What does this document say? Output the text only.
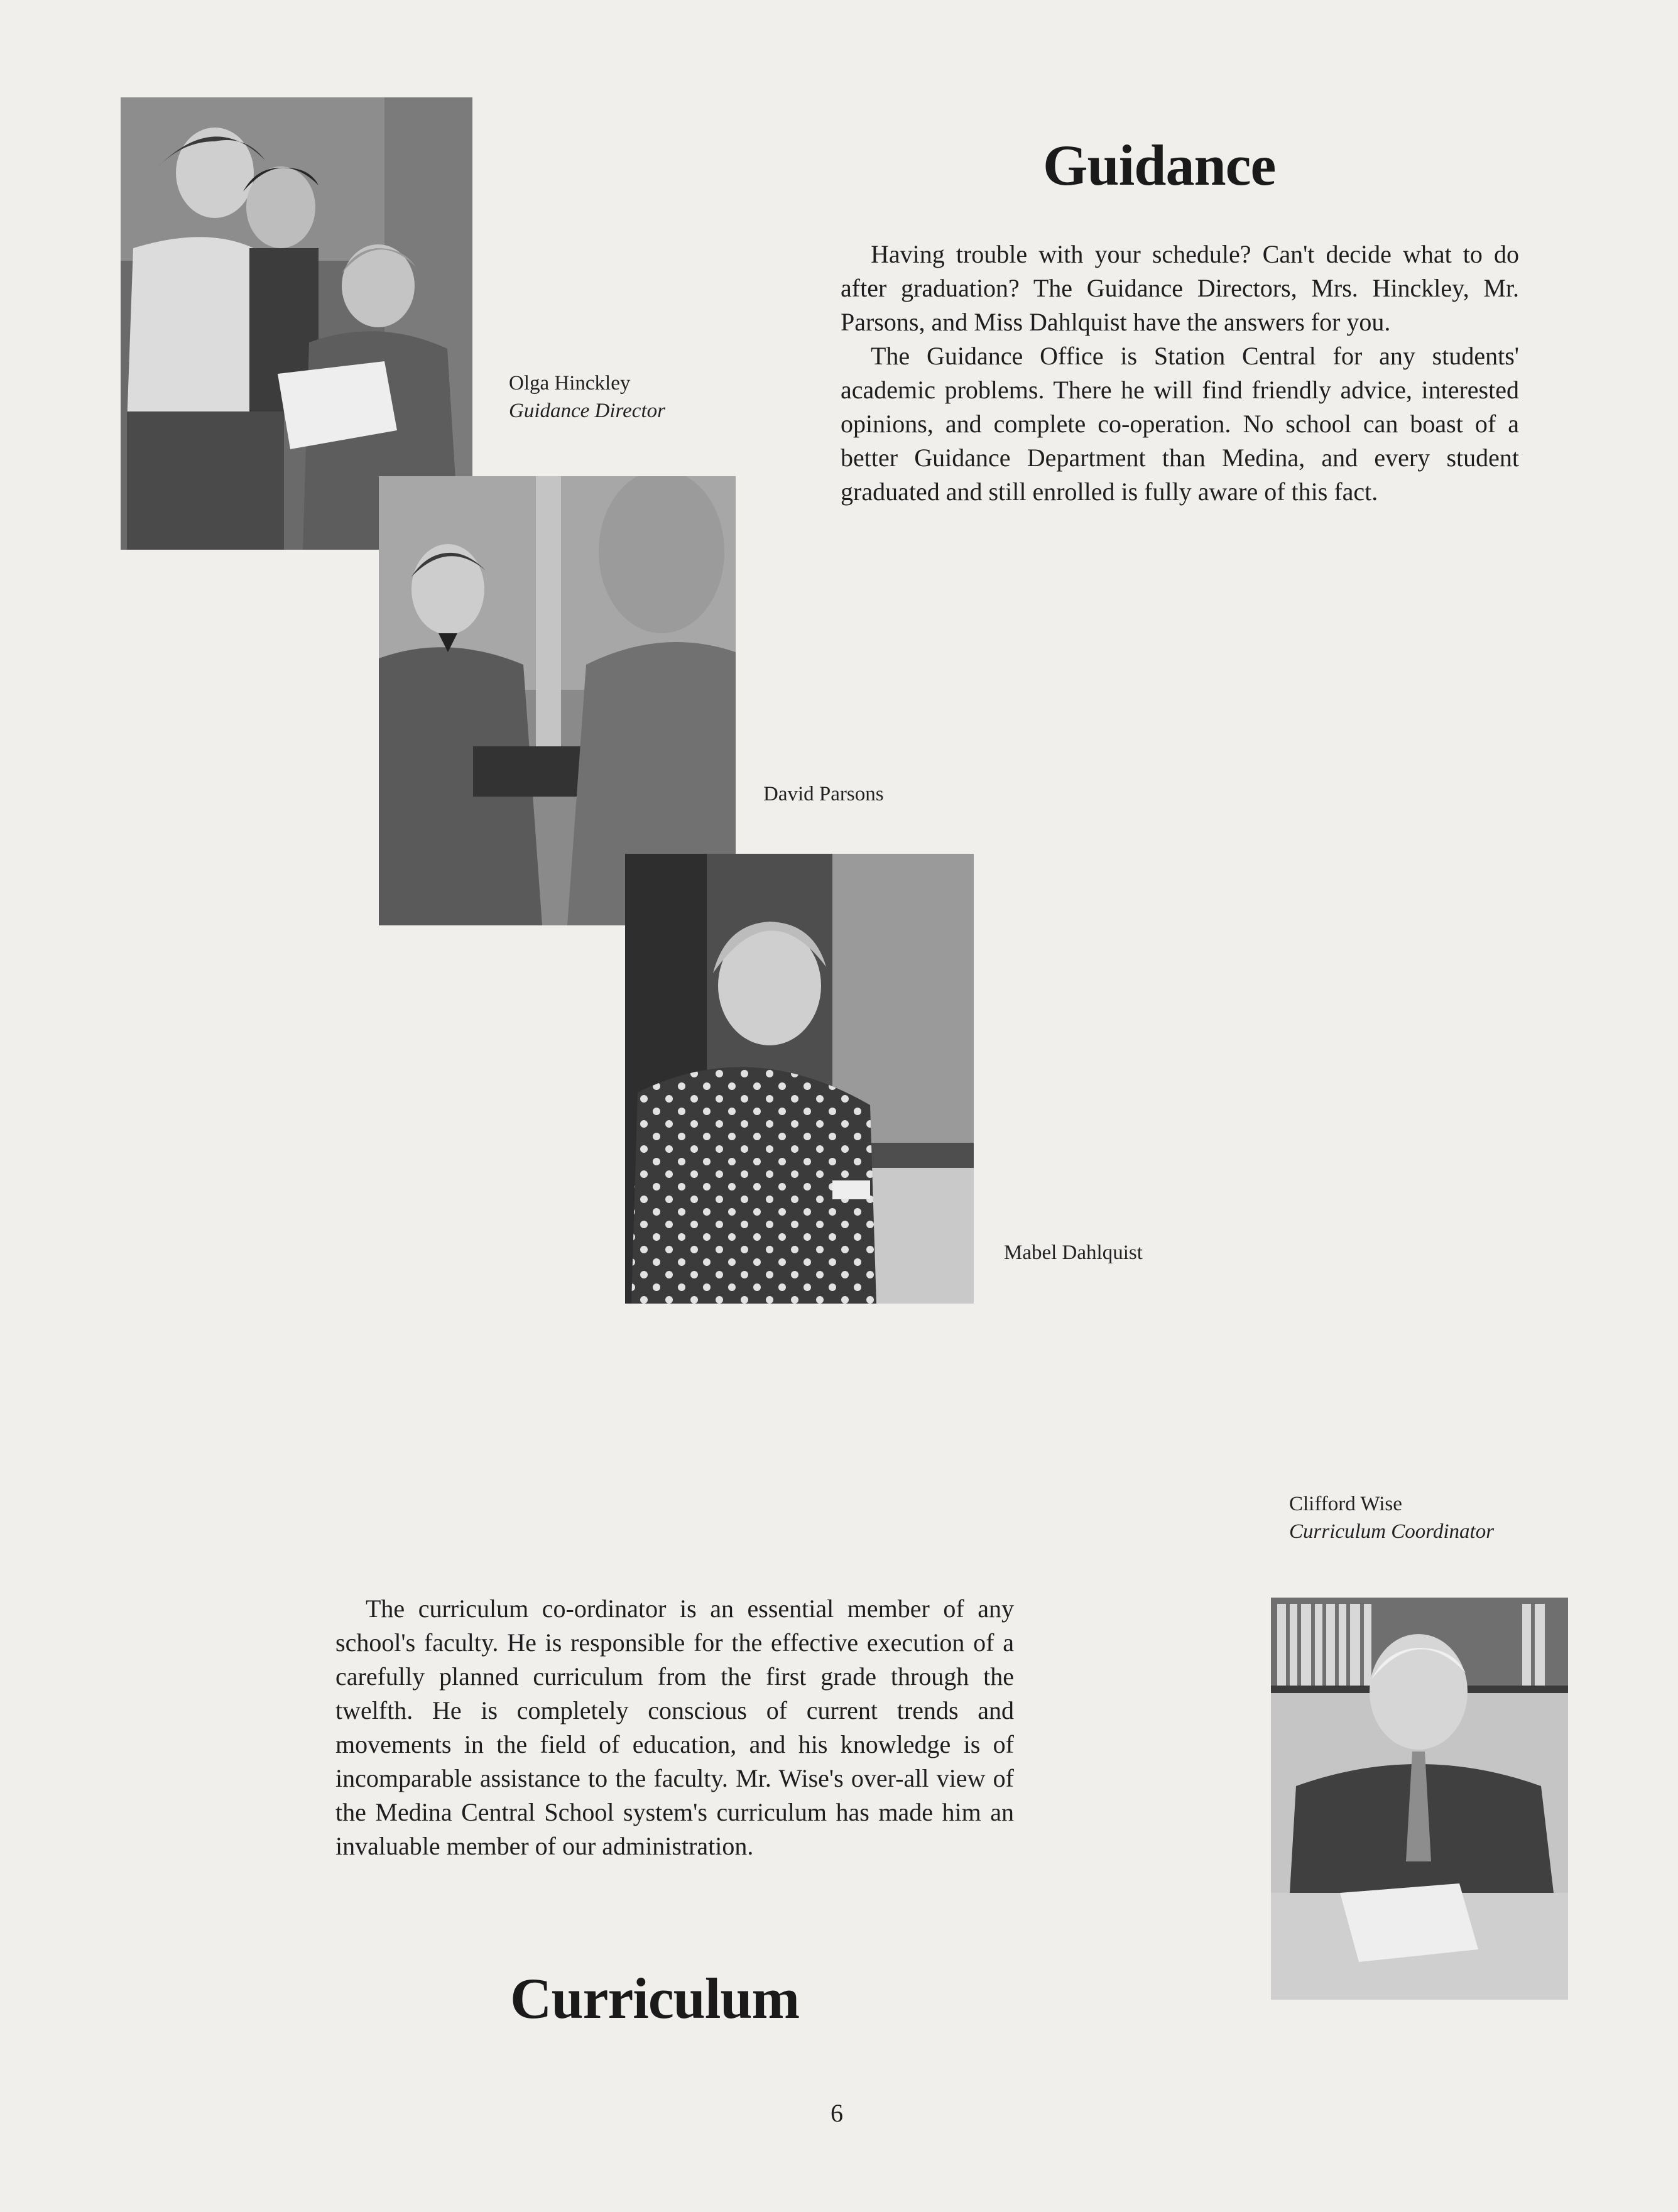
Guidance

Having trouble with your schedule? Can't decide what to do after graduation? The Guidance Directors, Mrs. Hinckley, Mr. Parsons, and Miss Dahlquist have the answers for you.

The Guidance Office is Station Central for any students' academic problems. There he will find friendly advice, interested opinions, and complete co-operation. No school can boast of a better Guidance Department than Medina, and every student graduated and still enrolled is fully aware of this fact.

Olga Hinckley
Guidance Director
David Parsons
Mabel Dahlquist
Clifford Wise
Curriculum Coordinator

The curriculum co-ordinator is an essential member of any school's faculty. He is responsible for the effective execution of a carefully planned curriculum from the first grade through the twelfth. He is completely conscious of current trends and movements in the field of education, and his knowledge is of incomparable assistance to the faculty. Mr. Wise's over-all view of the Medina Central School system's curriculum has made him an invaluable member of our administration.

Curriculum
6
